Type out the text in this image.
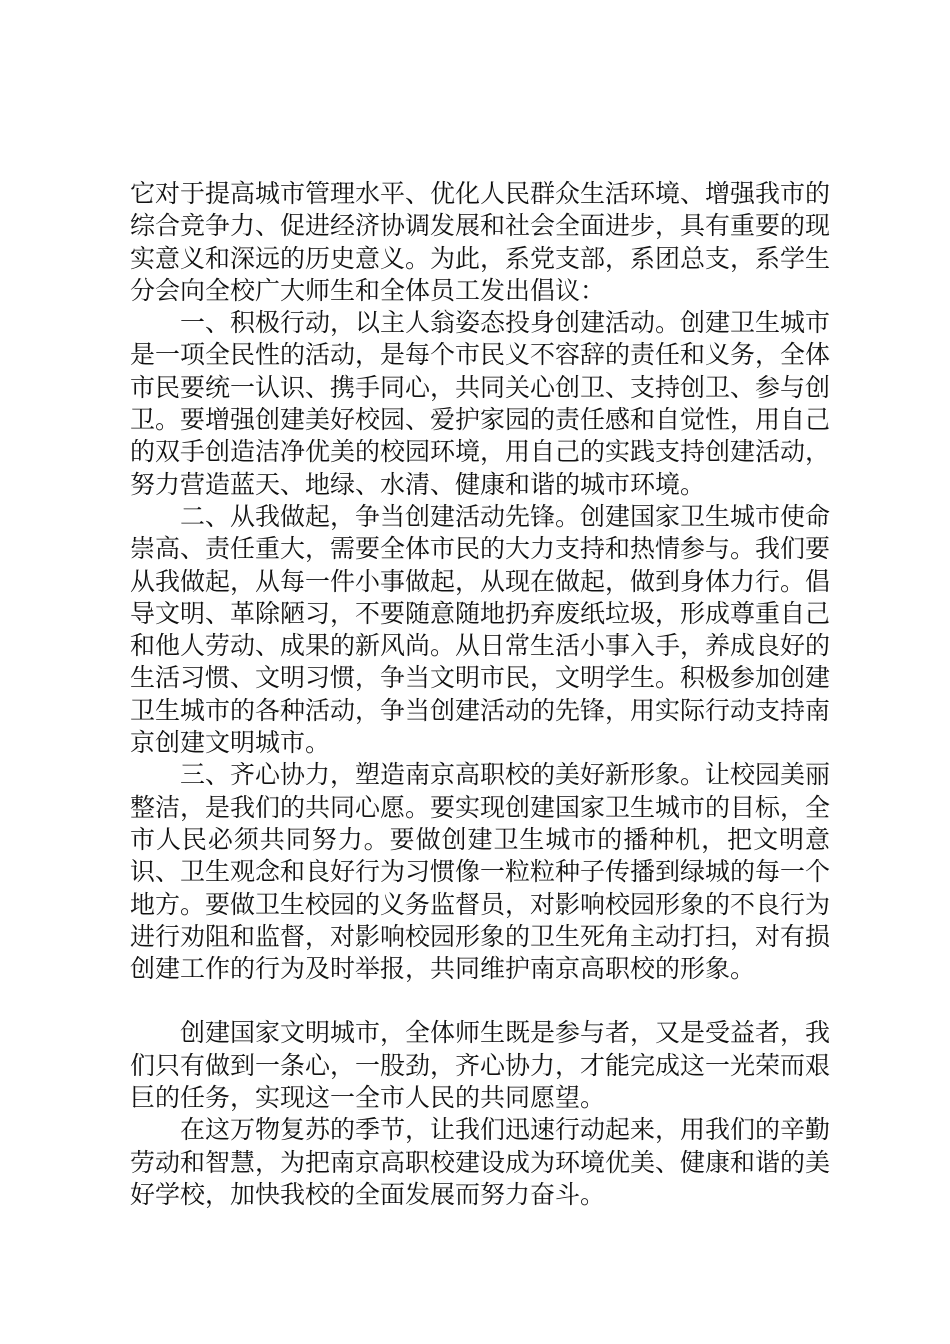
它对于提高城市管理水平、优化人民群众生活环境、增强我市的综合竞争力、促进经济协调发展和社会全面进步，具有重要的现实意义和深远的历史意义。为此，系党支部，系团总支，系学生分会向全校广大师生和全体员工发出倡议：

一、积极行动，以主人翁姿态投身创建活动。创建卫生城市是一项全民性的活动，是每个市民义不容辞的责任和义务，全体市民要统一认识、携手同心，共同关心创卫、支持创卫、参与创卫。要增强创建美好校园、爱护家园的责任感和自觉性，用自己的双手创造洁净优美的校园环境，用自己的实践支持创建活动，努力营造蓝天、地绿、水清、健康和谐的城市环境。

二、从我做起，争当创建活动先锋。创建国家卫生城市使命崇高、责任重大，需要全体市民的大力支持和热情参与。我们要从我做起，从每一件小事做起，从现在做起，做到身体力行。倡导文明、革除陋习，不要随意随地扔弃废纸垃圾，形成尊重自己和他人劳动、成果的新风尚。从日常生活小事入手，养成良好的生活习惯、文明习惯，争当文明市民，文明学生。积极参加创建卫生城市的各种活动，争当创建活动的先锋，用实际行动支持南京创建文明城市。

三、齐心协力，塑造南京高职校的美好新形象。让校园美丽整洁，是我们的共同心愿。要实现创建国家卫生城市的目标，全市人民必须共同努力。要做创建卫生城市的播种机，把文明意识、卫生观念和良好行为习惯像一粒粒种子传播到绿城的每一个地方。要做卫生校园的义务监督员，对影响校园形象的不良行为进行劝阻和监督，对影响校园形象的卫生死角主动打扫，对有损创建工作的行为及时举报，共同维护南京高职校的形象。

创建国家文明城市，全体师生既是参与者，又是受益者，我们只有做到一条心，一股劲，齐心协力，才能完成这一光荣而艰巨的任务，实现这一全市人民的共同愿望。

在这万物复苏的季节，让我们迅速行动起来，用我们的辛勤劳动和智慧，为把南京高职校建设成为环境优美、健康和谐的美好学校，加快我校的全面发展而努力奋斗。
